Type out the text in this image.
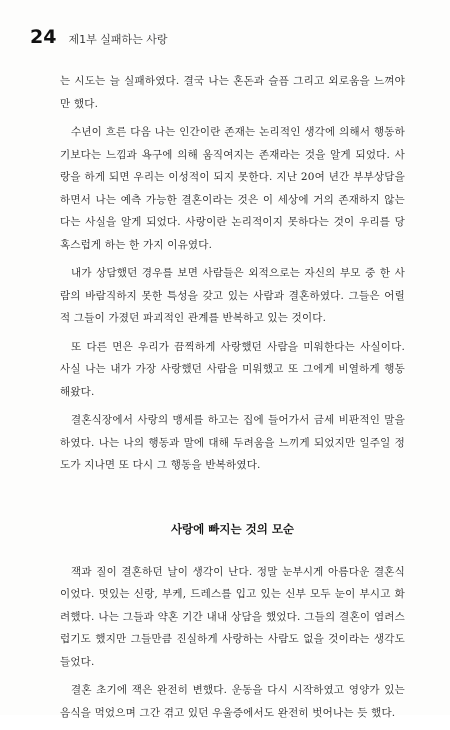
24 제1부 실패하는 사랑

는 시도는 늘 실패하였다. 결국 나는 혼돈과 슬픔 그리고 외로움을 느껴야 만 했다.

수년이 흐른 다음 나는 인간이란 존재는 논리적인 생각에 의해서 행동하기보다는 느낌과 욕구에 의해 움직여지는 존재라는 것을 알게 되었다. 사랑을 하게 되면 우리는 이성적이 되지 못한다. 지난 20여 년간 부부상담을 하면서 나는 예측 가능한 결혼이라는 것은 이 세상에 거의 존재하지 않는다는 사실을 알게 되었다. 사랑이란 논리적이지 못하다는 것이 우리를 당혹스럽게 하는 한 가지 이유였다.

내가 상담했던 경우를 보면 사람들은 외적으로는 자신의 부모 중 한 사람의 바람직하지 못한 특성을 갖고 있는 사람과 결혼하였다. 그들은 어릴적 그들이 가졌던 파괴적인 관계를 반복하고 있는 것이다.

또 다른 면은 우리가 끔찍하게 사랑했던 사람을 미워한다는 사실이다. 사실 나는 내가 가장 사랑했던 사람을 미워했고 또 그에게 비열하게 행동해왔다.

결혼식장에서 사랑의 맹세를 하고는 집에 들어가서 금세 비판적인 말을 하였다. 나는 나의 행동과 말에 대해 두려움을 느끼게 되었지만 일주일 정도가 지나면 또 다시 그 행동을 반복하였다.

사랑에 빠지는 것의 모순

잭과 질이 결혼하던 날이 생각이 난다. 정말 눈부시게 아름다운 결혼식이었다. 멋있는 신랑, 부케, 드레스를 입고 있는 신부 모두 눈이 부시고 화려했다. 나는 그들과 약혼 기간 내내 상담을 했었다. 그들의 결혼이 염려스럽기도 했지만 그들만큼 진실하게 사랑하는 사람도 없을 것이라는 생각도 들었다.

결혼 초기에 잭은 완전히 변했다. 운동을 다시 시작하였고 영양가 있는 음식을 먹었으며 그간 겪고 있던 우울증에서도 완전히 벗어나는 듯 했다.
